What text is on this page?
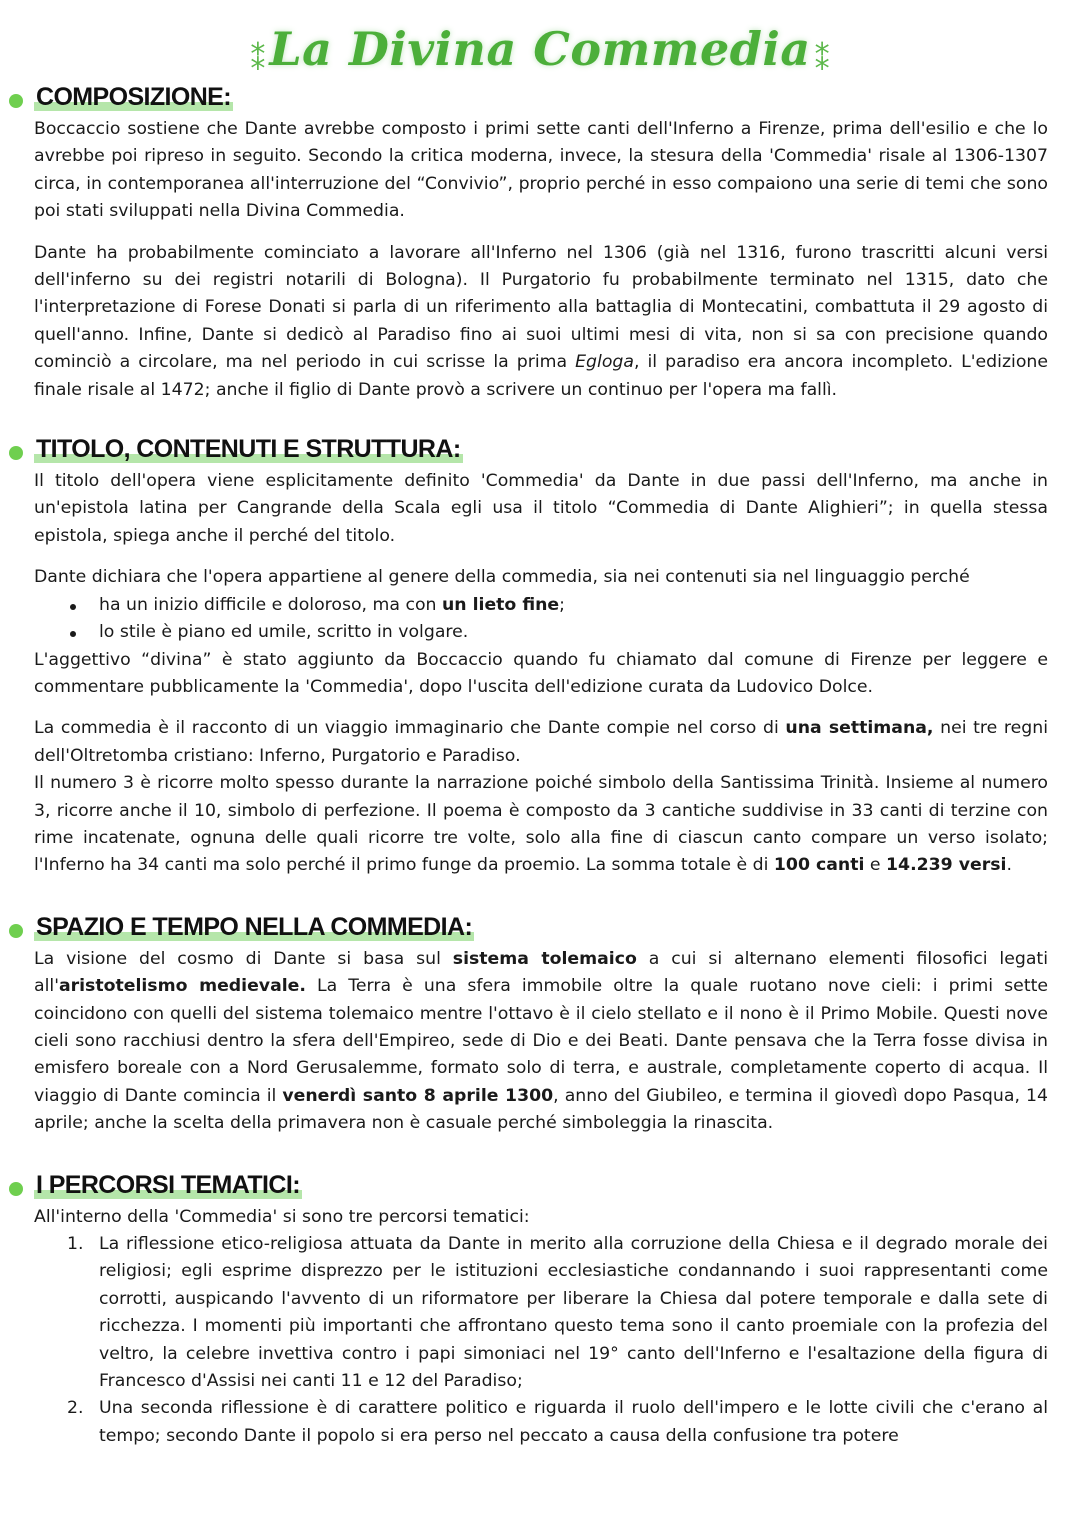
⁑La Divina Commedia ⁑
COMPOSIZIONE:

Boccaccio sostiene che Dante avrebbe composto i primi sette canti dell'Inferno a Firenze, prima dell'esilio e che lo avrebbe poi ripreso in seguito. Secondo la critica moderna, invece, la stesura della 'Commedia' risale al 1306-1307 circa, in contemporanea all'interruzione del “Convivio”, proprio perché in esso compaiono una serie di temi che sono poi stati sviluppati nella Divina Commedia.

Dante ha probabilmente cominciato a lavorare all'Inferno nel 1306 (già nel 1316, furono trascritti alcuni versi dell'inferno su dei registri notarili di Bologna). Il Purgatorio fu probabilmente terminato nel 1315, dato che l'interpretazione di Forese Donati si parla di un riferimento alla battaglia di Montecatini, combattuta il 29 agosto di quell'anno. Infine, Dante si dedicò al Paradiso fino ai suoi ultimi mesi di vita, non si sa con precisione quando cominciò a circolare, ma nel periodo in cui scrisse la prima Egloga, il paradiso era ancora incompleto. L'edizione finale risale al 1472; anche il figlio di Dante provò a scrivere un continuo per l'opera ma fallì.

TITOLO, CONTENUTI E STRUTTURA:

Il titolo dell'opera viene esplicitamente definito 'Commedia' da Dante in due passi dell'Inferno, ma anche in un'epistola latina per Cangrande della Scala egli usa il titolo “Commedia di Dante Alighieri”; in quella stessa epistola, spiega anche il perché del titolo.

Dante dichiara che l'opera appartiene al genere della commedia, sia nei contenuti sia nel linguaggio perché

ha un inizio difficile e doloroso, ma con un lieto fine;
lo stile è piano ed umile, scritto in volgare.

L'aggettivo “divina” è stato aggiunto da Boccaccio quando fu chiamato dal comune di Firenze per leggere e commentare pubblicamente la 'Commedia', dopo l'uscita dell'edizione curata da Ludovico Dolce.

La commedia è il racconto di un viaggio immaginario che Dante compie nel corso di una settimana, nei tre regni dell'Oltretomba cristiano: Inferno, Purgatorio e Paradiso.

Il numero 3 è ricorre molto spesso durante la narrazione poiché simbolo della Santissima Trinità. Insieme al numero 3, ricorre anche il 10, simbolo di perfezione. Il poema è composto da 3 cantiche suddivise in 33 canti di terzine con rime incatenate, ognuna delle quali ricorre tre volte, solo alla fine di ciascun canto compare un verso isolato; l'Inferno ha 34 canti ma solo perché il primo funge da proemio. La somma totale è di 100 canti e 14.239 versi.

SPAZIO E TEMPO NELLA COMMEDIA:

La visione del cosmo di Dante si basa sul sistema tolemaico a cui si alternano elementi filosofici legati all'aristotelismo medievale. La Terra è una sfera immobile oltre la quale ruotano nove cieli: i primi sette coincidono con quelli del sistema tolemaico mentre l'ottavo è il cielo stellato e il nono è il Primo Mobile. Questi nove cieli sono racchiusi dentro la sfera dell'Empireo, sede di Dio e dei Beati. Dante pensava che la Terra fosse divisa in emisfero boreale con a Nord Gerusalemme, formato solo di terra, e australe, completamente coperto di acqua. Il viaggio di Dante comincia il venerdì santo 8 aprile 1300, anno del Giubileo, e termina il giovedì dopo Pasqua, 14 aprile; anche la scelta della primavera non è casuale perché simboleggia la rinascita.

I PERCORSI TEMATICI:

All'interno della 'Commedia' si sono tre percorsi tematici:

1. La riflessione etico-religiosa attuata da Dante in merito alla corruzione della Chiesa e il degrado morale dei religiosi; egli esprime disprezzo per le istituzioni ecclesiastiche condannando i suoi rappresentanti come corrotti, auspicando l'avvento di un riformatore per liberare la Chiesa dal potere temporale e dalla sete di ricchezza. I momenti più importanti che affrontano questo tema sono il canto proemiale con la profezia del veltro, la celebre invettiva contro i papi simoniaci nel 19° canto dell'Inferno e l'esaltazione della figura di Francesco d'Assisi nei canti 11 e 12 del Paradiso;
2. Una seconda riflessione è di carattere politico e riguarda il ruolo dell'impero e le lotte civili che c'erano al tempo; secondo Dante il popolo si era perso nel peccato a causa della confusione tra potere
